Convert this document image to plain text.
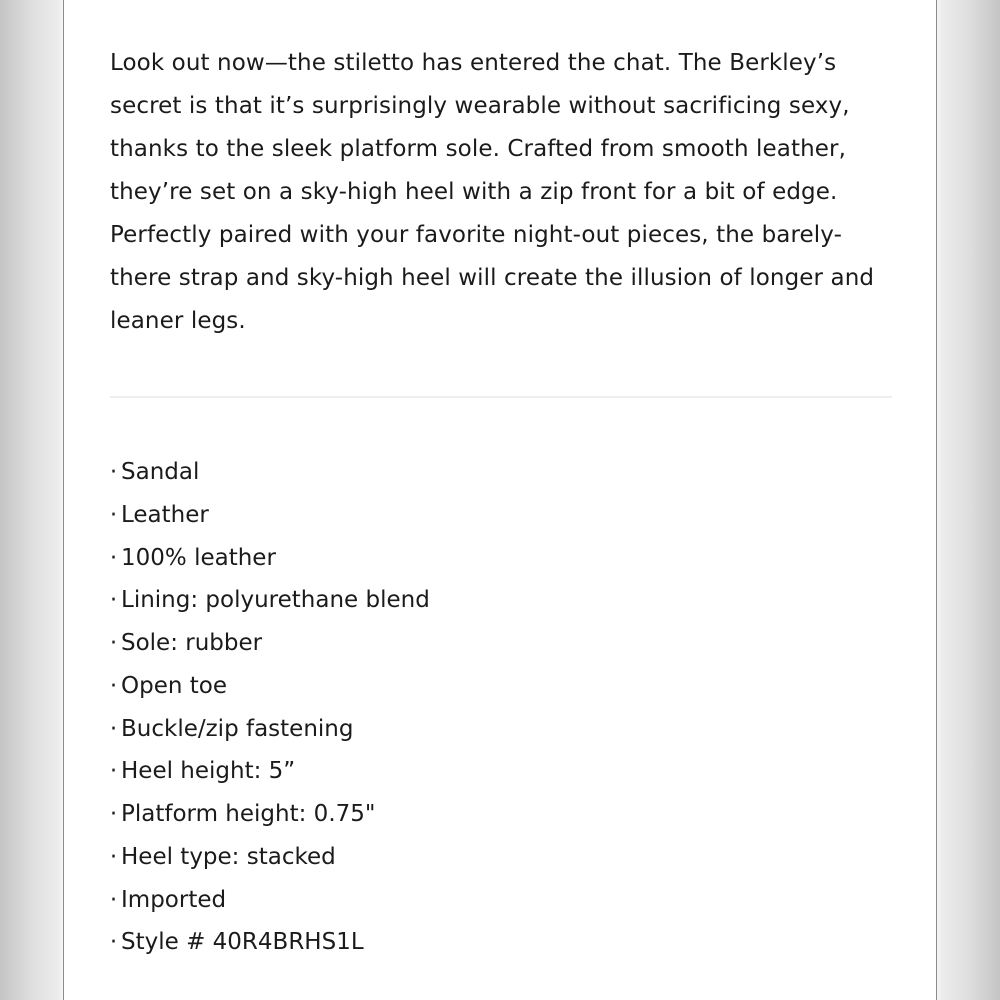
Look out now—the stiletto has entered the chat. The Berkley’s secret is that it’s surprisingly wearable without sacrificing sexy, thanks to the sleek platform sole. Crafted from smooth leather, they’re set on a sky-high heel with a zip front for a bit of edge. Perfectly paired with your favorite night-out pieces, the barely-there strap and sky-high heel will create the illusion of longer and leaner legs.

· Sandal
· Leather
· 100% leather
· Lining: polyurethane blend
· Sole: rubber
· Open toe
· Buckle/zip fastening
· Heel height: 5”
· Platform height: 0.75"
· Heel type: stacked
· Imported
· Style # 40R4BRHS1L
